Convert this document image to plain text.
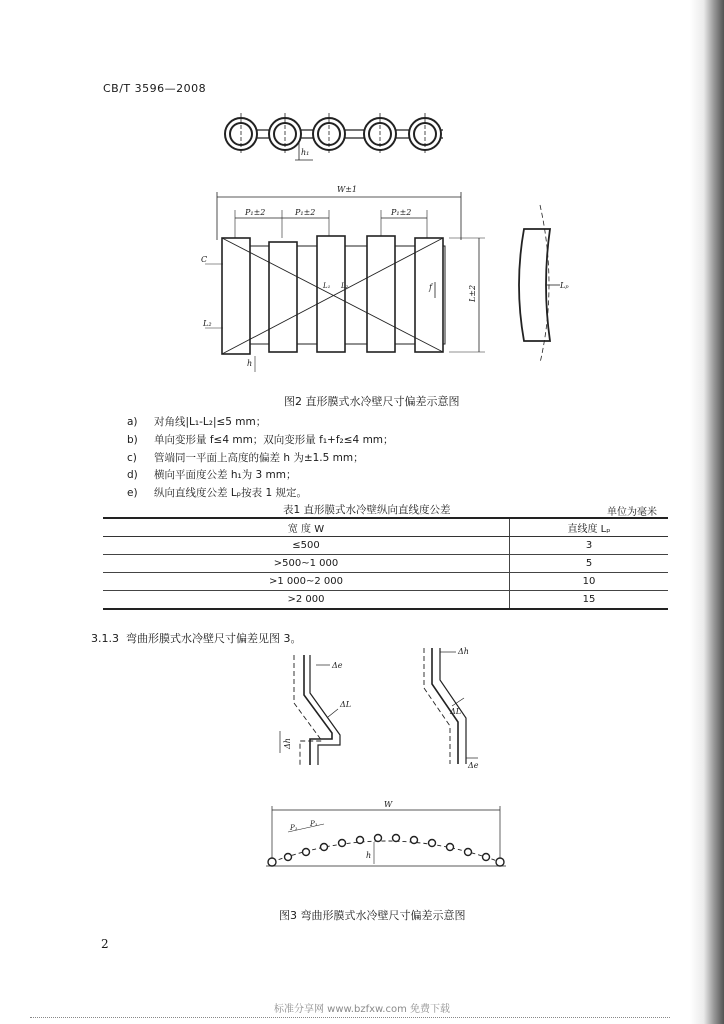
CB/T 3596—2008
h₁
W±1
P₁±2	P₁±2	P₁±2
L±2
f
L₁ L₂
C
L₂
h
Lₚ
图2 直形膜式水冷壁尺寸偏差示意图
a) 对角线|L₁-L₂|≤5 mm；
b) 单向变形量 f≤4 mm；双向变形量 f₁+f₂≤4 mm；
c) 管端同一平面上高度的偏差 h 为±1.5 mm；
d) 横向平面度公差 h₁为 3 mm；
e) 纵向直线度公差 Lₚ按表 1 规定。
表1 直形膜式水冷壁纵向直线度公差	单位为毫米
宽 度 W	直线度 Lₚ
≤500	3
>500~1 000	5
>1 000~2 000	10
>2 000	15
3.1.3 弯曲形膜式水冷壁尺寸偏差见图 3。
Δe
ΔL
Δh
Δh
ΔL
Δe
W
P₁ P₁
h
图3 弯曲形膜式水冷壁尺寸偏差示意图
2
标准分享网 www.bzfxw.com 免费下载
